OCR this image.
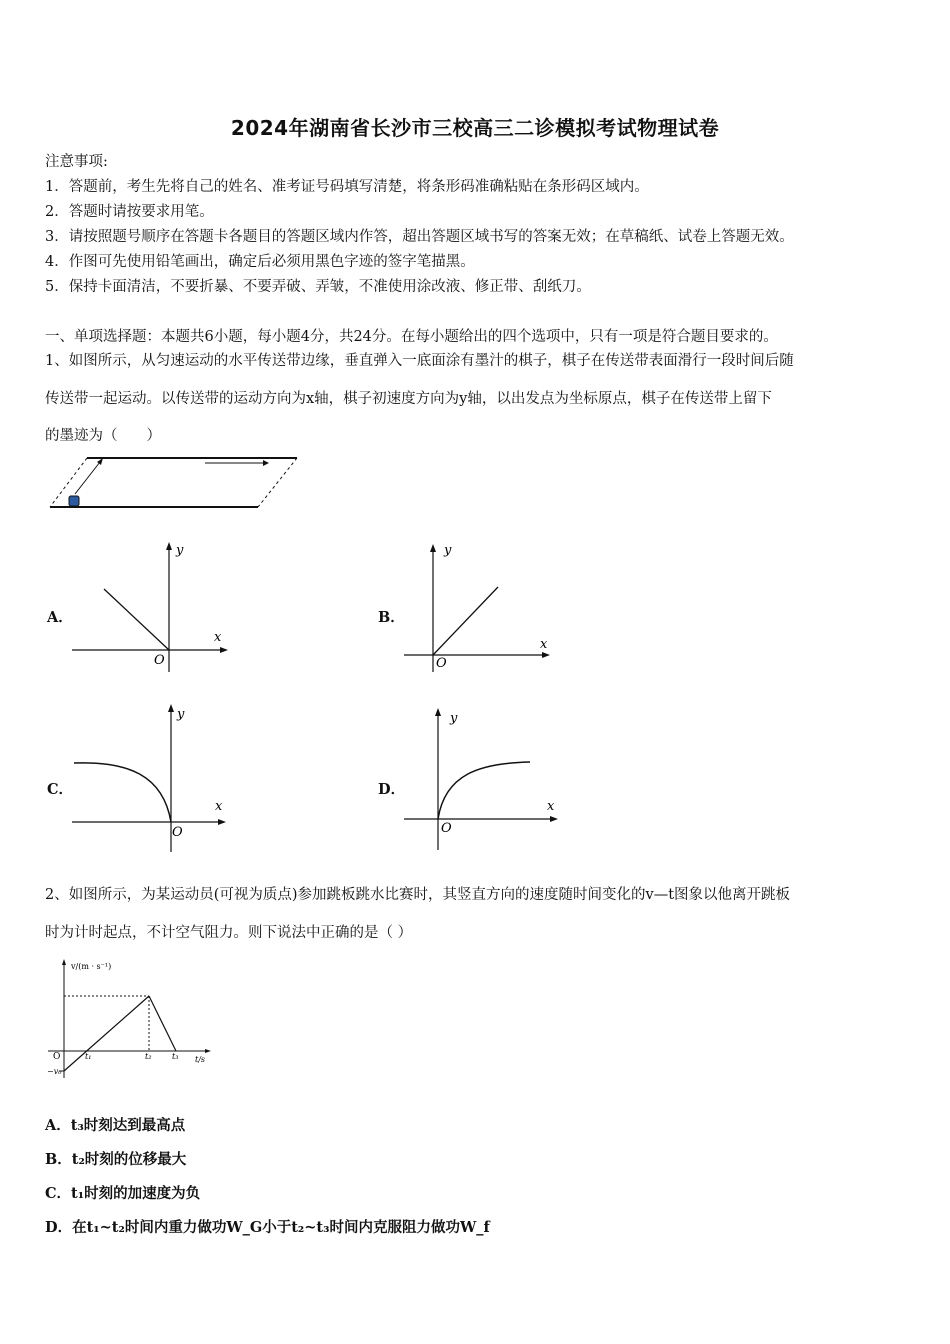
2024年湖南省长沙市三校高三二诊模拟考试物理试卷
注意事项:
1．答题前，考生先将自己的姓名、准考证号码填写清楚，将条形码准确粘贴在条形码区域内。
2．答题时请按要求用笔。
3．请按照题号顺序在答题卡各题目的答题区域内作答，超出答题区域书写的答案无效；在草稿纸、试卷上答题无效。
4．作图可先使用铅笔画出，确定后必须用黑色字迹的签字笔描黑。
5．保持卡面清洁，不要折暴、不要弄破、弄皱，不准使用涂改液、修正带、刮纸刀。
一、单项选择题：本题共6小题，每小题4分，共24分。在每小题给出的四个选项中，只有一项是符合题目要求的。
1、如图所示，从匀速运动的水平传送带边缘，垂直弹入一底面涂有墨汁的棋子，棋子在传送带表面滑行一段时间后随
传送带一起运动。以传送带的运动方向为x轴，棋子初速度方向为y轴，以出发点为坐标原点，棋子在传送带上留下
的墨迹为（　　）
A．	B．
C．	D．
y
x
O
y
x
O
y
x
O
y
x
O
2、如图所示，为某运动员(可视为质点)参加跳板跳水比赛时，其竖直方向的速度随时间变化的v—t图象以他离开跳板
时为计时起点，不计空气阻力。则下说法中正确的是（ ）
v/(m · s⁻¹)
t/s
O	t₁	t₂	t₃
−v₀
A．t₃时刻达到最高点
B．t₂时刻的位移最大
C．t₁时刻的加速度为负
D．在t₁~t₂时间内重力做功W_G小于t₂~t₃时间内克服阻力做功W_f
